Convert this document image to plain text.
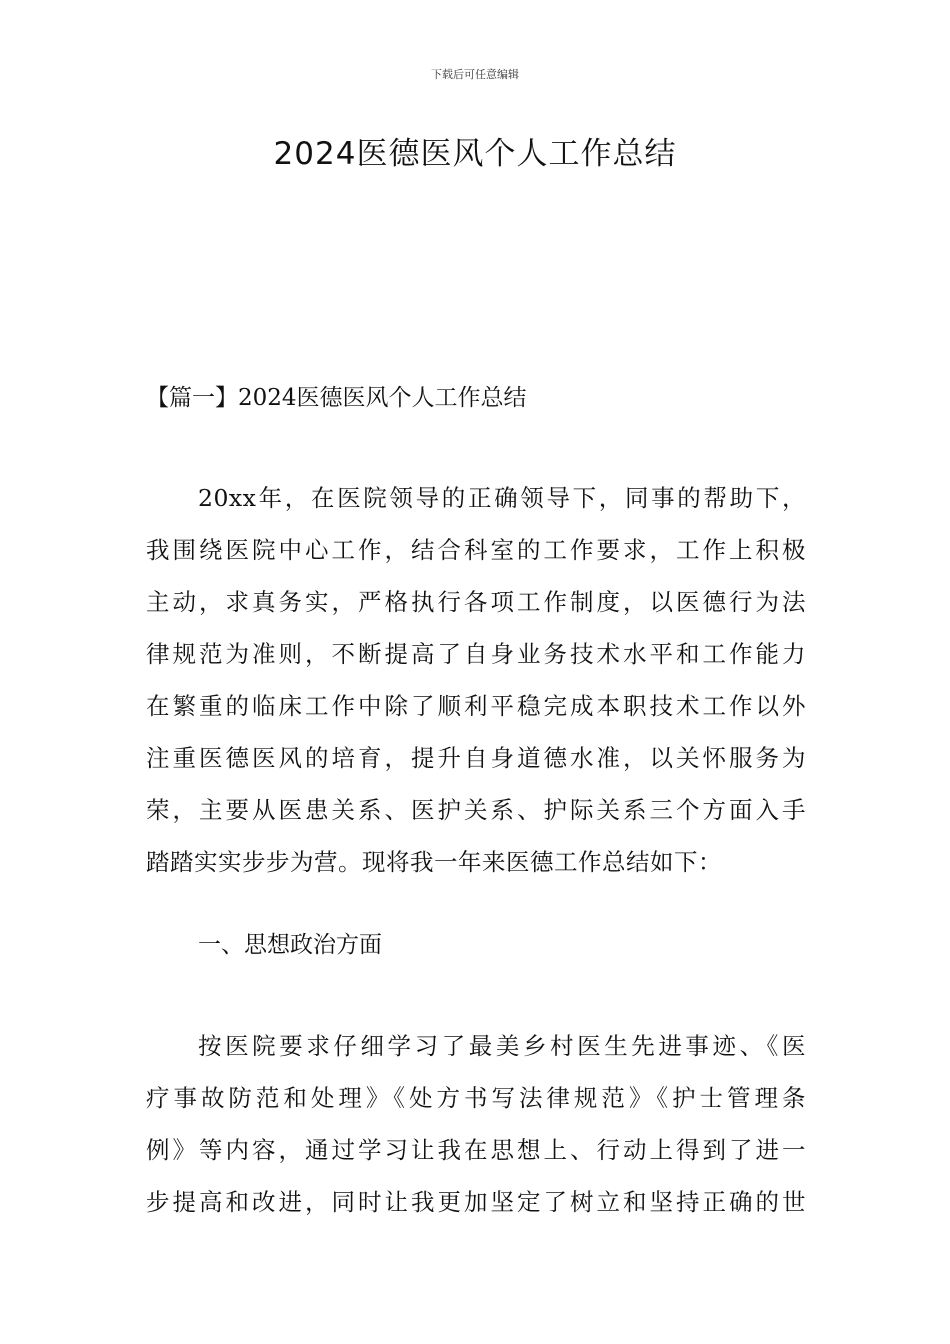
下载后可任意编辑
2024医德医风个人工作总结
【篇一】2024医德医风个人工作总结
20xx年，在医院领导的正确领导下，同事的帮助下，
我围绕医院中心工作，结合科室的工作要求，工作上积极
主动，求真务实，严格执行各项工作制度，以医德行为法
律规范为准则，不断提高了自身业务技术水平和工作能力
在繁重的临床工作中除了顺利平稳完成本职技术工作以外
注重医德医风的培育，提升自身道德水准，以关怀服务为
荣，主要从医患关系、医护关系、护际关系三个方面入手
踏踏实实步步为营。现将我一年来医德工作总结如下：
一、思想政治方面
按医院要求仔细学习了最美乡村医生先进事迹、《医
疗事故防范和处理》《处方书写法律规范》《护士管理条
例》等内容，通过学习让我在思想上、行动上得到了进一
步提高和改进，同时让我更加坚定了树立和坚持正确的世
